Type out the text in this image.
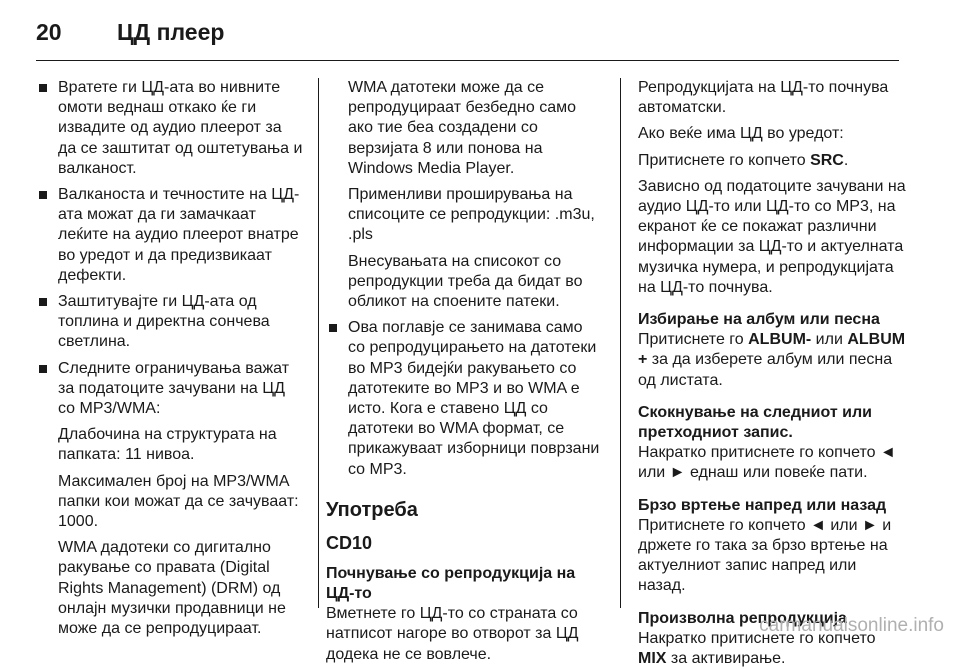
20 ЦД плеер
Вратете ги ЦД-ата во нивните омоти веднаш откако ќе ги извадите од аудио плеерот за да се заштитат од оштетувања и валканост.
Валканоста и течностите на ЦД-ата можат да ги замачкаат леќите на аудио плеерот внатре во уредот и да предизвикаат дефекти.
Заштитувајте ги ЦД-ата од топлина и директна сончева светлина.
Следните ограничувања важат за податоците зачувани на ЦД со MP3/WMA:
Длабочина на структурата на папката: 11 нивоа.
Максимален број на MP3/WMA папки кои можат да се зачуваат: 1000.
WMA дадотеки со дигитално ракување со правата (Digital Rights Management) (DRM) од онлајн музички продавници не може да се репродуцираат.
WMA датотеки може да се репродуцираат безбедно само ако тие беа создадени со верзијата 8 или понова на Windows Media Player.
Применливи проширувања на списоците се репродукции: .m3u, .pls
Внесувањата на списокот со репродукции треба да бидат во обликот на споените патеки.
Ова поглавје се занимава само со репродуцирањето на датотеки во MP3 бидејќи ракувањето со датотеките во MP3 и во WMA е исто. Кога е ставено ЦД со датотеки во WMA формат, се прикажуваат изборници поврзани со MP3.
Употреба
CD10
Почнување со репродукција на ЦД-то
Вметнете го ЦД-то со страната со натписот нагоре во отворот за ЦД додека не се вовлече.
Репродукцијата на ЦД-то почнува автоматски.
Ако веќе има ЦД во уредот:
Притиснете го копчето SRC.
Зависно од податоците зачувани на аудио ЦД-то или ЦД-то со MP3, на екранот ќе се покажат различни информации за ЦД-то и актуелната музичка нумера, и репродукцијата на ЦД-то почнува.
Избирање на албум или песна
Притиснете го ALBUM- или ALBUM + за да изберете албум или песна од листата.
Скокнување на следниот или претходниот запис.
Накратко притиснете го копчето ◄ или ► еднаш или повеќе пати.
Брзо вртење напред или назад
Притиснете го копчето ◄ или ► и држете го така за брзо вртење на актуелниот запис напред или назад.
Произволна репродукција
Накратко притиснете го копчето MIX за активирање.
carmanualsonline.info
